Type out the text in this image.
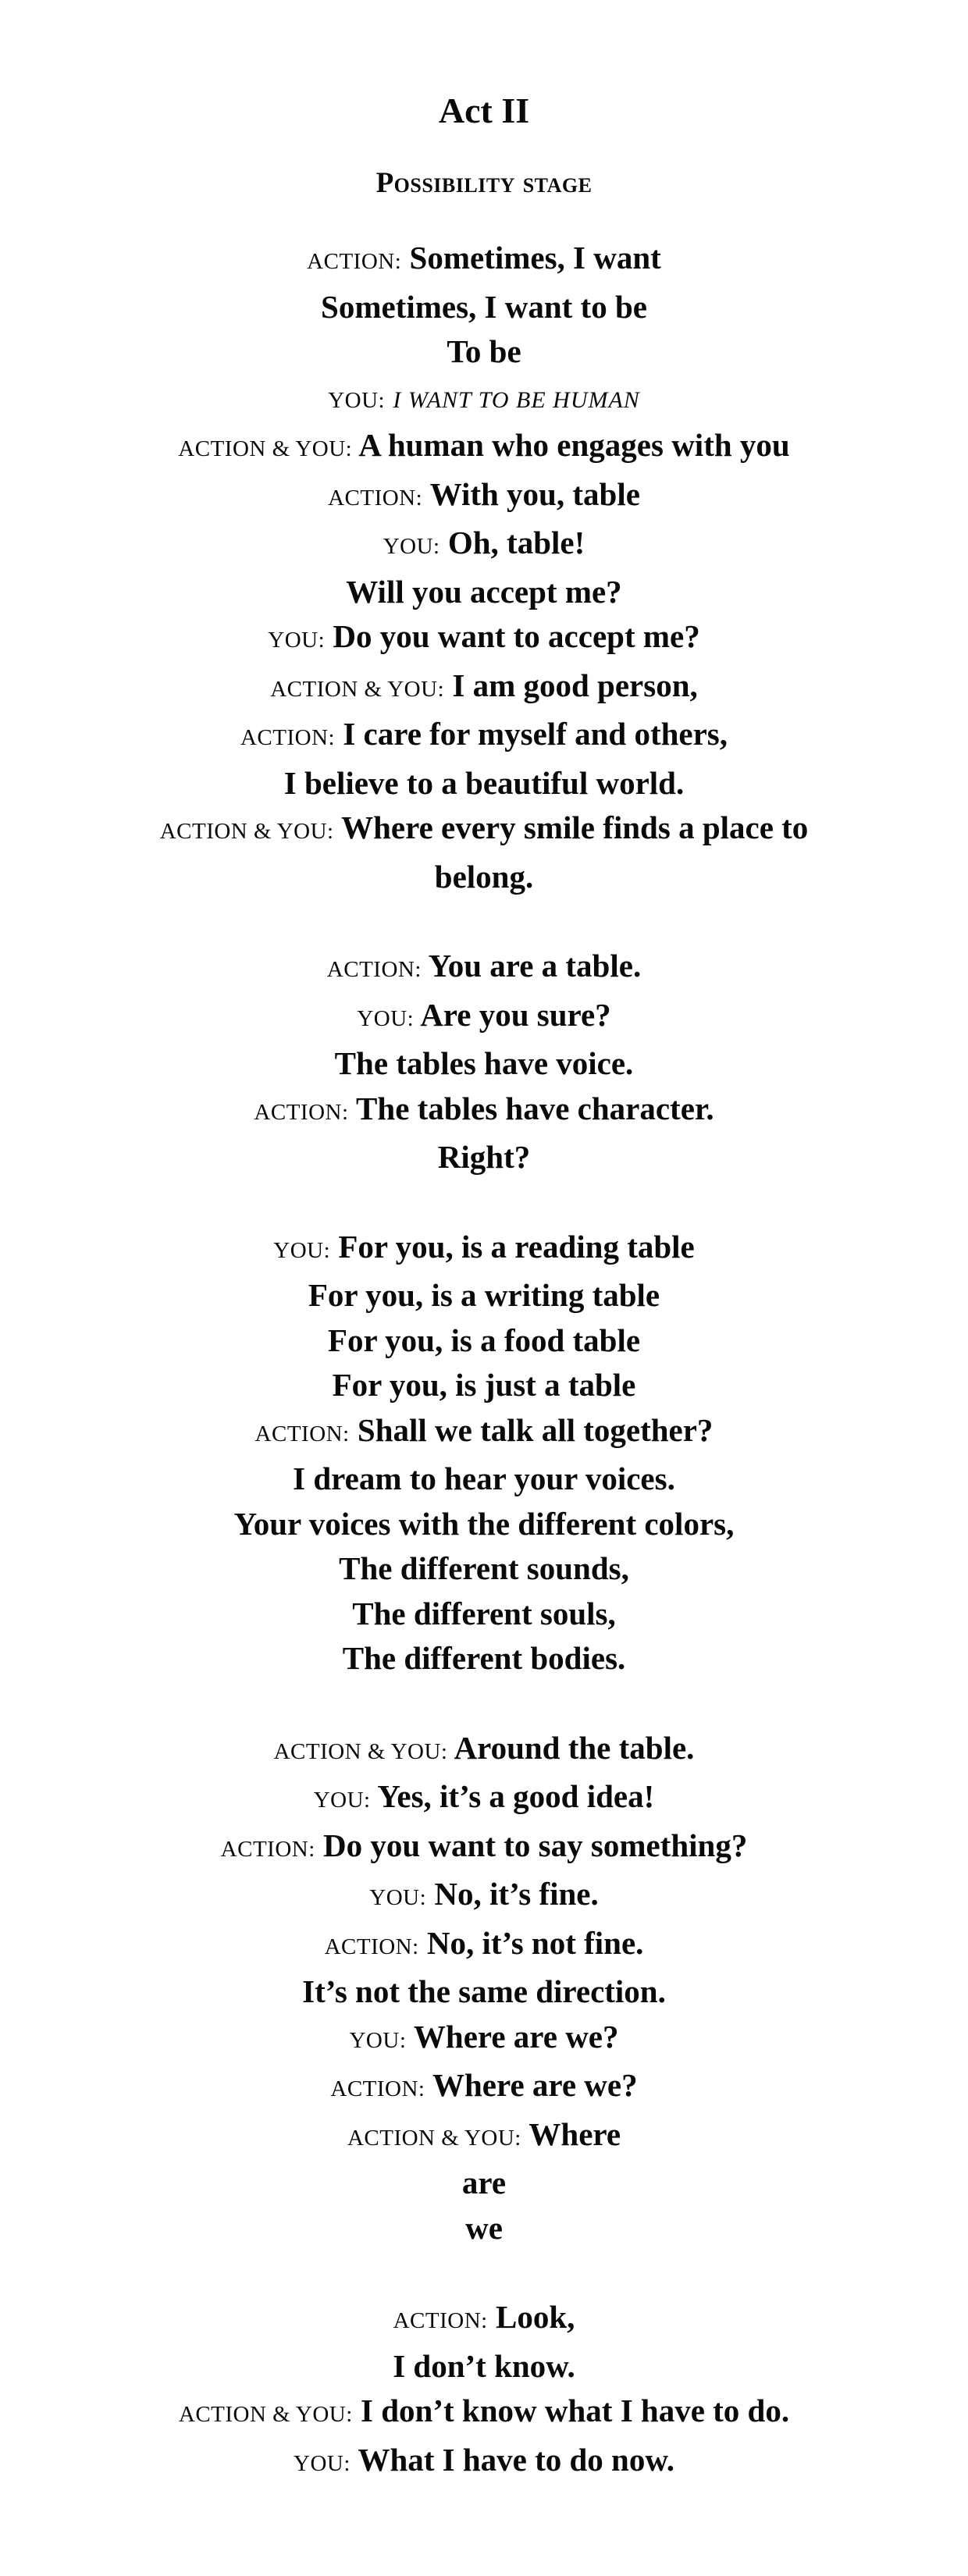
Act II
Possibility stage
ACTION: Sometimes, I want
Sometimes, I want to be
To be
YOU: I WANT TO BE HUMAN
ACTION & YOU: A human who engages with you
ACTION: With you, table
YOU: Oh, table!
Will you accept me?
YOU: Do you want to accept me?
ACTION & YOU: I am good person,
ACTION: I care for myself and others,
I believe to a beautiful world.
ACTION & YOU: Where every smile finds a place to belong.
ACTION: You are a table.
YOU: Are you sure?
The tables have voice.
ACTION: The tables have character.
Right?
YOU: For you, is a reading table
For you, is a writing table
For you, is a food table
For you, is just a table
ACTION: Shall we talk all together?
I dream to hear your voices.
Your voices with the different colors,
The different sounds,
The different souls,
The different bodies.
ACTION & YOU: Around the table.
YOU: Yes, it’s a good idea!
ACTION: Do you want to say something?
YOU: No, it’s fine.
ACTION: No, it’s not fine.
It’s not the same direction.
YOU: Where are we?
ACTION: Where are we?
ACTION & YOU: Where
are
we
ACTION: Look,
I don’t know.
ACTION & YOU: I don’t know what I have to do.
YOU: What I have to do now.
